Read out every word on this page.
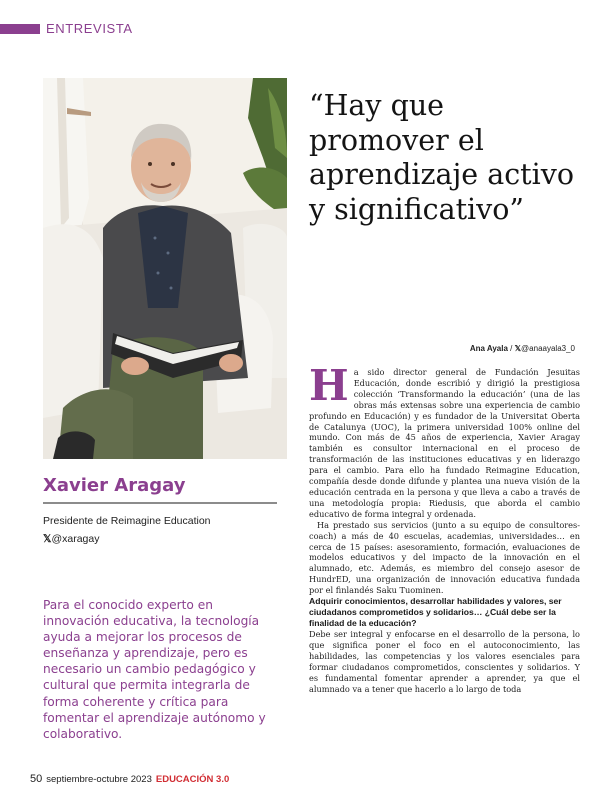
ENTREVISTA
“Hay que promover el aprendizaje activo y significativo”
Ana Ayala / 𝕏@anaayala3_0
Xavier Aragay
Presidente de Reimagine Education
𝕏@xaragay
Para el conocido experto en innovación educativa, la tecnología ayuda a mejorar los procesos de enseñanza y aprendizaje, pero es necesario un cambio pedagógico y cultural que permita integrarla de forma coherente y crítica para fomentar el aprendizaje autónomo y colaborativo.

Ha sido director general de Fundación Jesuitas Educación, donde escribió y dirigió la prestigiosa colección ‘Transformando la educación’ (una de las obras más extensas sobre una experiencia de cambio profundo en Educación) y es fundador de la Universitat Oberta de Catalunya (UOC), la primera universidad 100% online del mundo. Con más de 45 años de experiencia, Xavier Aragay también es consultor internacional en el proceso de transformación de las instituciones educativas y en liderazgo para el cambio. Para ello ha fundado Reimagine Education, compañía desde donde difunde y plantea una nueva visión de la educación centrada en la persona y que lleva a cabo a través de una metodología propia: Riedusis, que aborda el cambio educativo de forma integral y ordenada.

Ha prestado sus servicios (junto a su equipo de consultores-coach) a más de 40 escuelas, academias, universidades… en cerca de 15 países: asesoramiento, formación, evaluaciones de modelos educativos y del impacto de la innovación en el alumnado, etc. Además, es miembro del consejo asesor de HundrED, una organización de innovación educativa fundada por el finlandés Saku Tuominen.

Adquirir conocimientos, desarrollar habilidades y valores, ser ciudadanos comprometidos y solidarios… ¿Cuál debe ser la finalidad de la educación?

Debe ser integral y enfocarse en el desarrollo de la persona, lo que significa poner el foco en el autoconocimiento, las habilidades, las competencias y los valores esenciales para formar ciudadanos comprometidos, conscientes y solidarios. Y es fundamental fomentar aprender a aprender, ya que el alumnado va a tener que hacerlo a lo largo de toda

50 septiembre-octubre 2023 EDUCACIÓN 3.0
